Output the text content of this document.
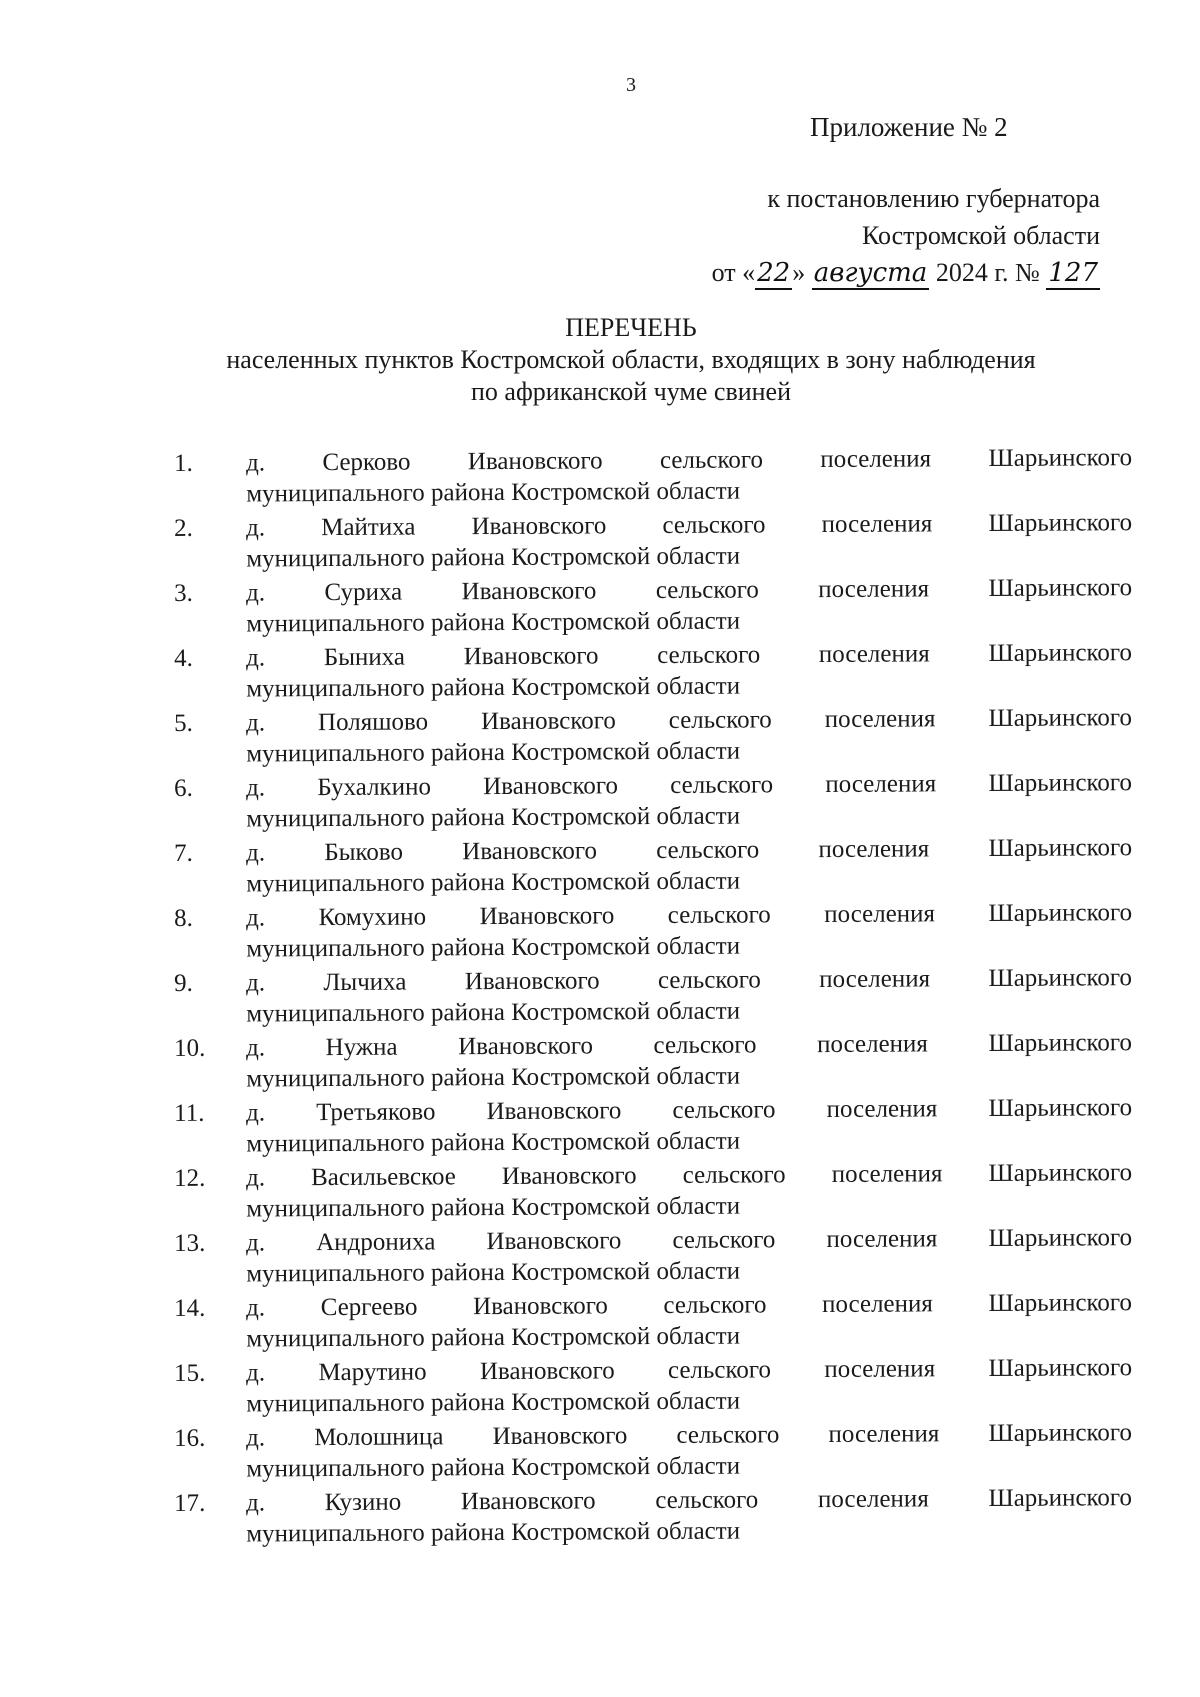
3
Приложение № 2
к постановлению губернатора
Костромской области
от «22» августа 2024 г. № 127
ПЕРЕЧЕНЬ
населенных пунктов Костромской области, входящих в зону наблюдения
по африканской чуме свиней
1.	д. Серково Ивановского сельского поселения Шарьинского
муниципального района Костромской области
2.	д. Майтиха Ивановского сельского поселения Шарьинского
муниципального района Костромской области
3.	д. Суриха Ивановского сельского поселения Шарьинского
муниципального района Костромской области
4.	д. Быниха Ивановского сельского поселения Шарьинского
муниципального района Костромской области
5.	д. Поляшово Ивановского сельского поселения Шарьинского
муниципального района Костромской области
6.	д. Бухалкино Ивановского сельского поселения Шарьинского
муниципального района Костромской области
7.	д. Быково Ивановского сельского поселения Шарьинского
муниципального района Костромской области
8.	д. Комухино Ивановского сельского поселения Шарьинского
муниципального района Костромской области
9.	д. Лычиха Ивановского сельского поселения Шарьинского
муниципального района Костромской области
10.	д. Нужна Ивановского сельского поселения Шарьинского
муниципального района Костромской области
11.	д. Третьяково Ивановского сельского поселения Шарьинского
муниципального района Костромской области
12.	д. Васильевское Ивановского сельского поселения Шарьинского
муниципального района Костромской области
13.	д. Андрониха Ивановского сельского поселения Шарьинского
муниципального района Костромской области
14.	д. Сергеево Ивановского сельского поселения Шарьинского
муниципального района Костромской области
15.	д. Марутино Ивановского сельского поселения Шарьинского
муниципального района Костромской области
16.	д. Молошница Ивановского сельского поселения Шарьинского
муниципального района Костромской области
17.	д. Кузино Ивановского сельского поселения Шарьинского
муниципального района Костромской области
